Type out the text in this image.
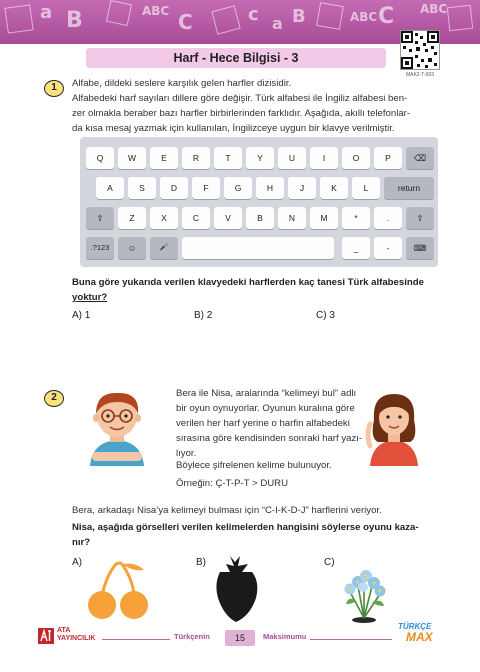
a B	ABC C	c a B	ABC C ABC
Harf - Hece Bilgisi - 3
MAK2-T-003
1	Alfabe, dildeki seslere karşılık gelen harfler dizisidir.
Alfabedeki harf sayıları dillere göre değişir. Türk alfabesi ile İngiliz alfabesi ben-
zer olmakla beraber bazı harfler birbirlerinden farklıdır. Aşağıda, akıllı telefonlar-
da kısa mesaj yazmak için kullanılan, İngilizceye uygun bir klavye verilmiştir.
Q	W	E	R	T	Y	U	I	O	P	⌫
A	S	D	F	G	H	J	K	L	return
⇧	Z	X	C	V	B	N	M	*	.	⇧
.?123	☺	🎤	_	-	⌨
Buna göre yukarıda verilen klavyedeki harflerden kaç tanesi Türk alfabesinde
yoktur?
A) 1	B) 2	C) 3
2	Bera ile Nisa, aralarında “kelimeyi bul” adlı
bir oyun oynuyorlar. Oyunun kuralına göre
verilen her harf yerine o harfin alfabedeki
sırasına göre kendisinden sonraki harf yazı-
lıyor.
Böylece şifrelenen kelime bulunuyor.
Örneğin: Ç-T-P-T > DURU
Bera, arkadaşı Nisa’ya kelimeyi bulması için “C-I-K-D-J” harflerini veriyor.
Nisa, aşağıda görselleri verilen kelimelerden hangisini söylerse oyunu kaza-
nır?
A)	B)	C)
ATA
YAYINCILIK	Türkçenin	15	Maksimumu
TÜRKÇE
MAX
